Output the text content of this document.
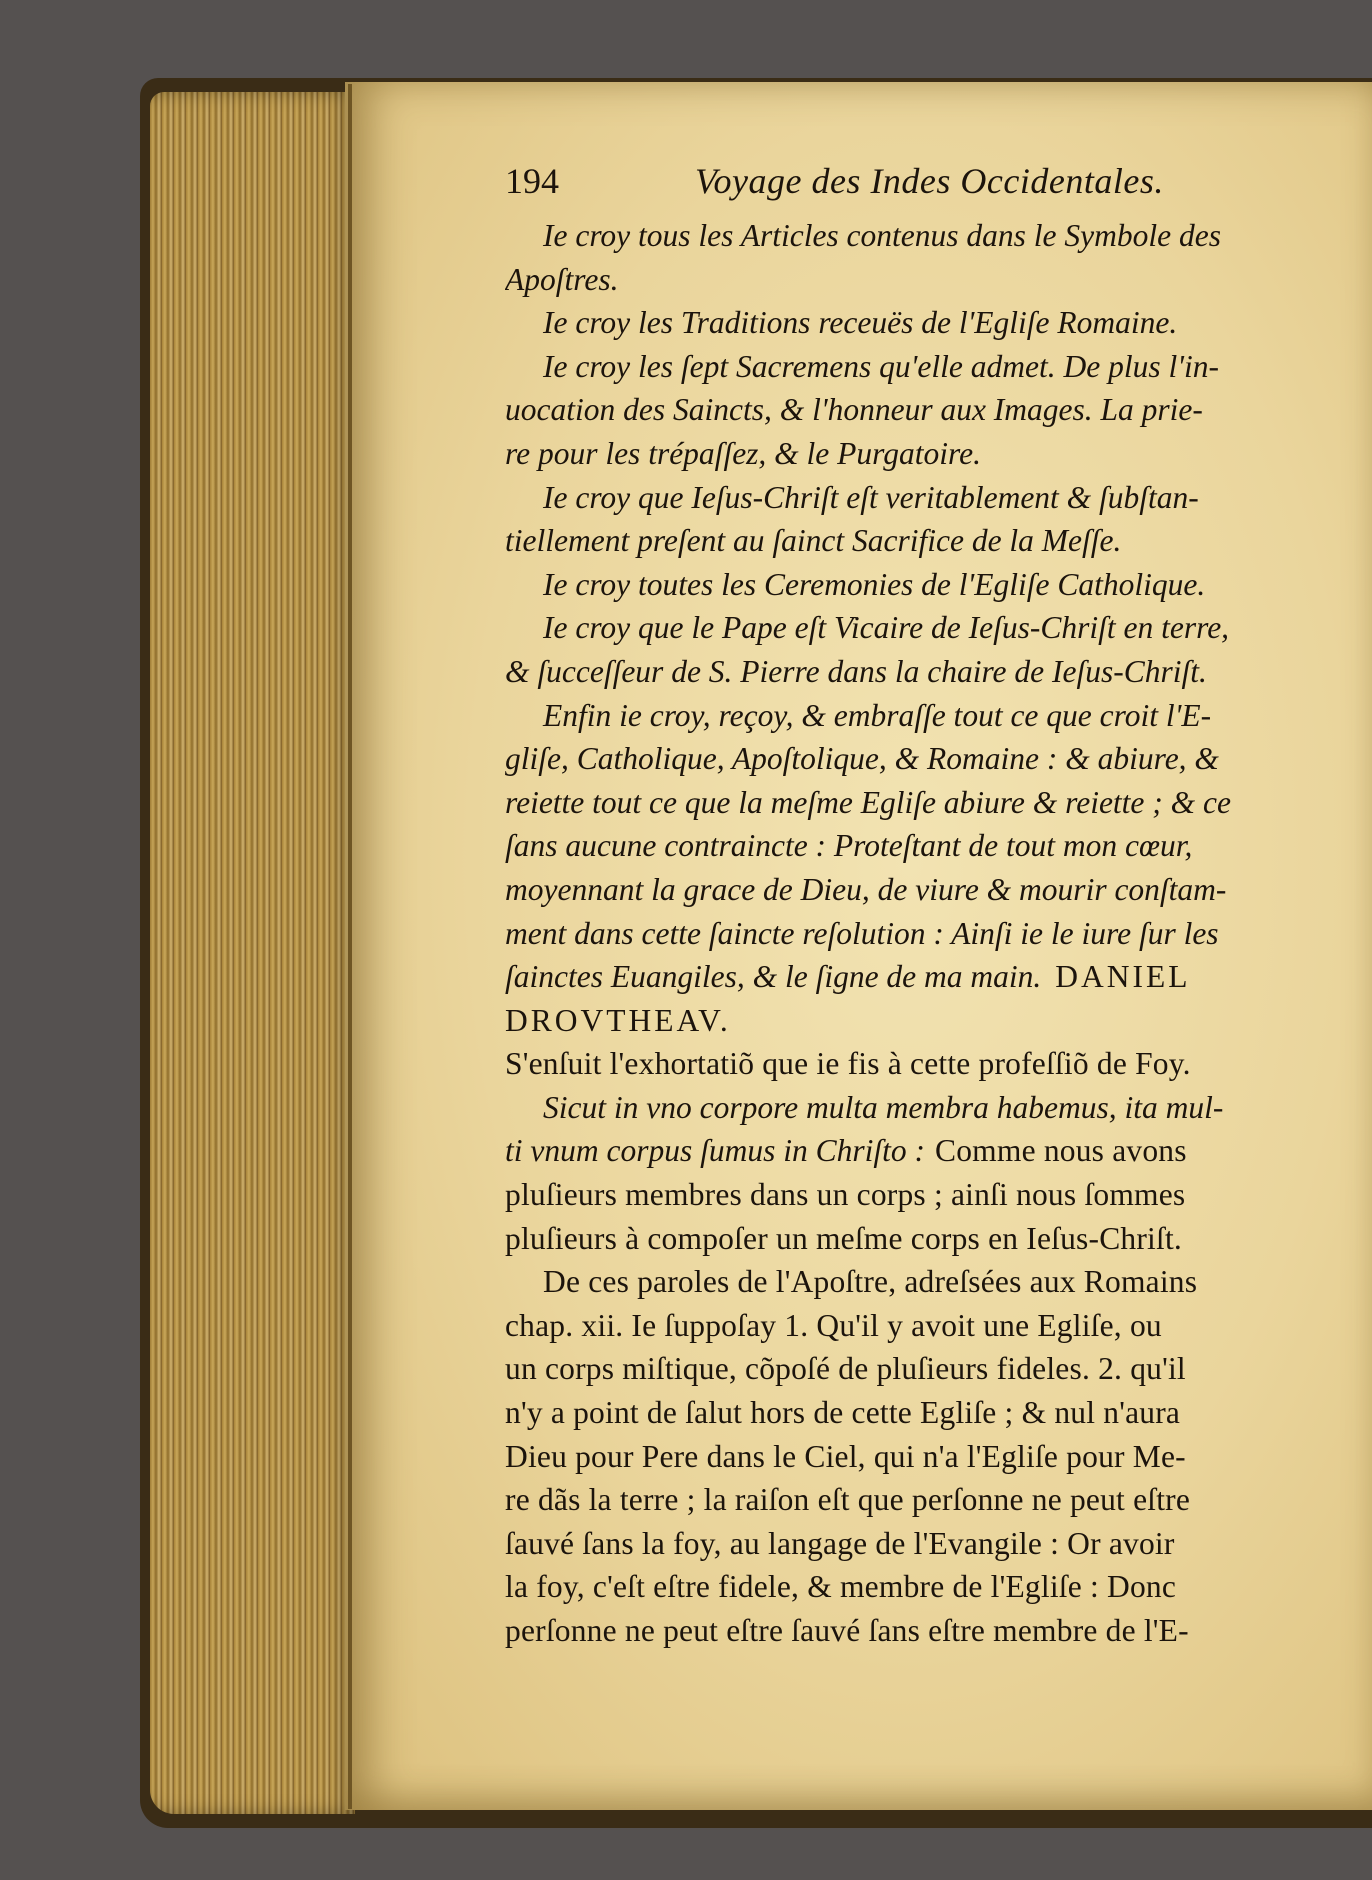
194	Voyage des Indes Occidentales.
Ie croy tous les Articles contenus dans le Symbole des
Apoſtres.
Ie croy les Traditions receuës de l'Egliſe Romaine.
Ie croy les ſept Sacremens qu'elle admet. De plus l'in-
uocation des Saincts, & l'honneur aux Images. La prie-
re pour les trépaſſez, & le Purgatoire.
Ie croy que Ieſus-Chriſt eſt veritablement & ſubſtan-
tiellement preſent au ſainct Sacrifice de la Meſſe.
Ie croy toutes les Ceremonies de l'Egliſe Catholique.
Ie croy que le Pape eſt Vicaire de Ieſus-Chriſt en terre,
& ſucceſſeur de S. Pierre dans la chaire de Ieſus-Chriſt.
Enfin ie croy, reçoy, & embraſſe tout ce que croit l'E-
gliſe, Catholique, Apoſtolique, & Romaine : & abiure, &
reiette tout ce que la meſme Egliſe abiure & reiette ; & ce
ſans aucune contraincte : Proteſtant de tout mon cœur,
moyennant la grace de Dieu, de viure & mourir conſtam-
ment dans cette ſaincte reſolution : Ainſi ie le iure ſur les
ſainctes Euangiles, & le ſigne de ma main. DANIEL
DROVTHEAV.
S'enſuit l'exhortatiõ que ie fis à cette profeſſiõ de Foy.
Sicut in vno corpore multa membra habemus, ita mul-
ti vnum corpus ſumus in Chriſto : Comme nous avons
pluſieurs membres dans un corps ; ainſi nous ſommes
pluſieurs à compoſer un meſme corps en Ieſus-Chriſt.
De ces paroles de l'Apoſtre, adreſsées aux Romains
chap. xii. Ie ſuppoſay 1. Qu'il y avoit une Egliſe, ou
un corps miſtique, cõpoſé de pluſieurs fideles. 2. qu'il
n'y a point de ſalut hors de cette Egliſe ; & nul n'aura
Dieu pour Pere dans le Ciel, qui n'a l'Egliſe pour Me-
re dãs la terre ; la raiſon eſt que perſonne ne peut eſtre
ſauvé ſans la foy, au langage de l'Evangile : Or avoir
la foy, c'eſt eſtre fidele, & membre de l'Egliſe : Donc
perſonne ne peut eſtre ſauvé ſans eſtre membre de l'E-
